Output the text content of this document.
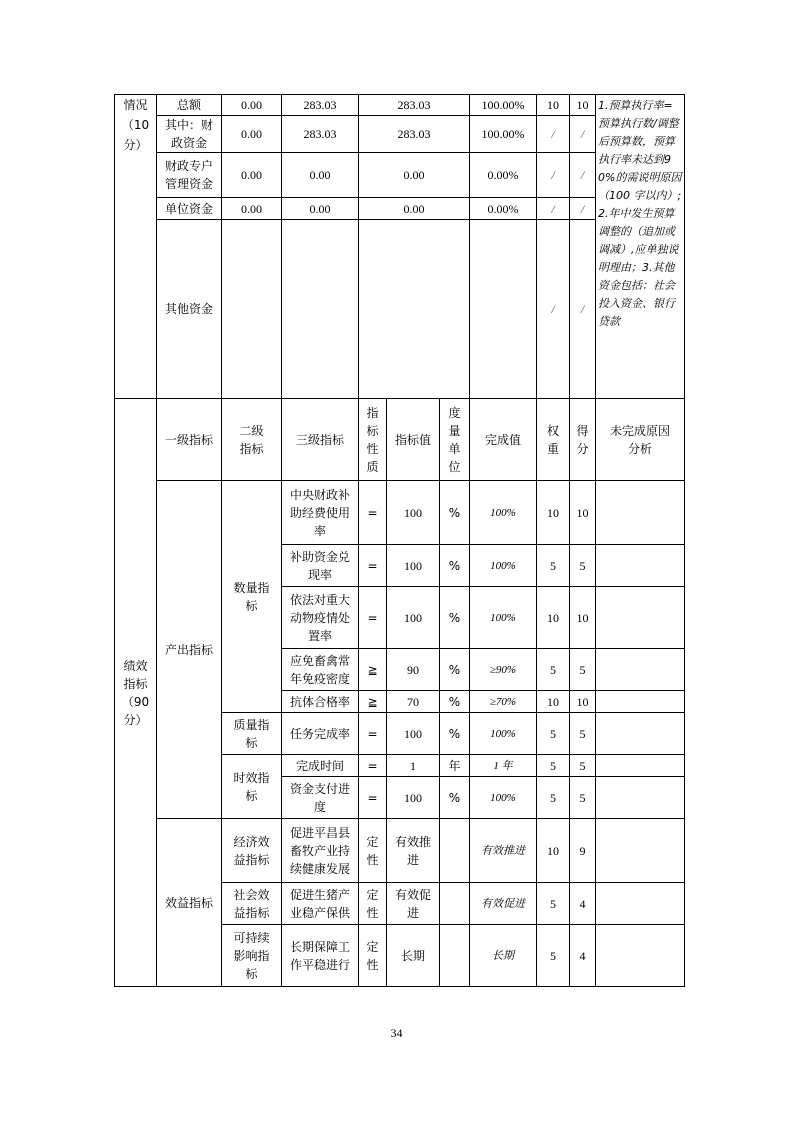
情况
（10
分）	总额	0.00	283.03	283.03			100.00%	10	10	1.预算执行率=预算执行数/调整后预算数，预算执行率未达到90%的需说明原因（100 字以内）;2.年中发生预算调整的（追加或调减）,应单独说明理由；3.其他资金包括：社会投入资金、银行贷款
	其中：财
政资金	0.00	283.03	283.03			100.00%	/	/	
	财政专户
管理资金	0.00	0.00	0.00			0.00%	/	/	
	单位资金	0.00	0.00	0.00			0.00%	/	/	
	其他资金							/	/	
绩效
指标
（90
分）	一级指标	二级
指标	三级指标	指
标
性
质	指标值	度
量
单
位	完成值	权
重	得
分	未完成原因
分析
	产出指标	数量指
标	中央财政补
助经费使用
率	=	100	%	100%	10	10	
			补助资金兑
现率	=	100	%	100%	5	5	
			依法对重大
动物疫情处
置率	=	100	%	100%	10	10	
			应免畜禽常
年免疫密度	≧	90	%	≥90%	5	5	
			抗体合格率	≧	70	%	≥70%	10	10	
		质量指
标	任务完成率	=	100	%	100%	5	5	
		时效指
标	完成时间	=	1	年	1 年	5	5	
			资金支付进
度	=	100	%	100%	5	5	
	效益指标	经济效
益指标	促进平昌县
畜牧产业持
续健康发展	定
性	有效推
进		有效推进	10	9	
		社会效
益指标	促进生猪产
业稳产保供	定
性	有效促
进		有效促进	5	4	
		可持续
影响指
标	长期保障工
作平稳进行	定
性	长期		长期	5	4	
34
